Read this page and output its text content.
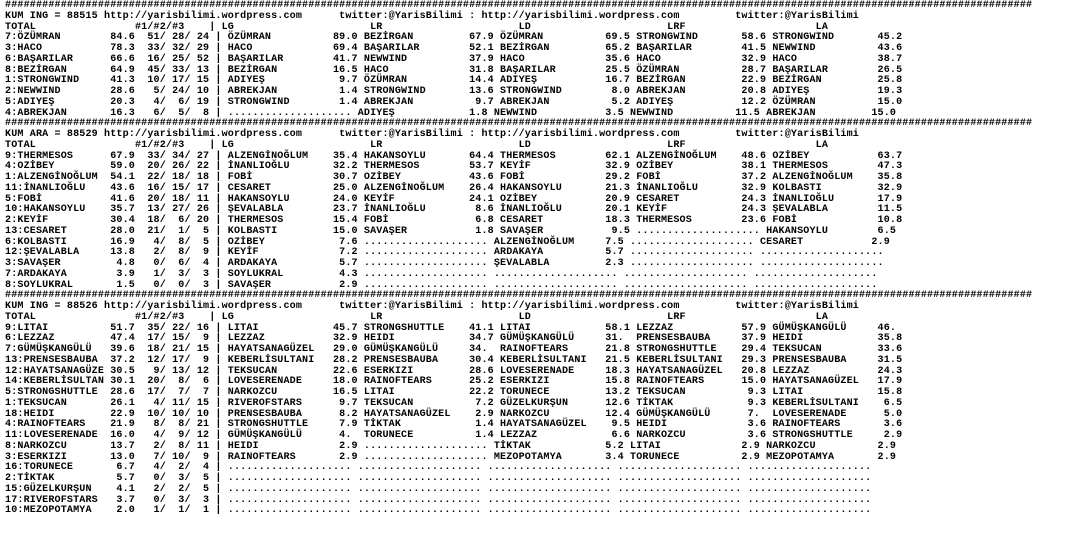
######################################################################################################################################################################
KUM ING = 88515 http://yarisbilimi.wordpress.com      twitter:@YarisBilimi : http://yarisbilimi.wordpress.com         twitter:@YarisBilimi
TOTAL                #1/#2/#3    | LG                      LR                      LD                      LRF                     LA
7:ÖZÜMRAN        84.6  51/ 28/ 24 | ÖZÜMRAN          89.0 BEZİRGAN         67.9 ÖZÜMRAN          69.5 STRONGWIND       58.6 STRONGWIND       45.2
3:HACO           78.3  33/ 32/ 29 | HACO             69.4 BAŞARILAR        52.1 BEZİRGAN         65.2 BAŞARILAR        41.5 NEWWIND          43.6
6:BAŞARILAR      66.6  16/ 25/ 52 | BAŞARILAR        41.7 NEWWIND          37.9 HACO             35.6 HACO             32.9 HACO             38.7
8:BEZİRGAN       64.9  45/ 33/ 13 | BEZİRGAN         16.5 HACO             31.8 BAŞARILAR        25.5 ÖZÜMRAN          28.7 BAŞARILAR        26.5
1:STRONGWIND     41.3  10/ 17/ 15 | ADIYEŞ            9.7 ÖZÜMRAN          14.4 ADIYEŞ           16.7 BEZİRGAN         22.9 BEZİRGAN         25.8
2:NEWWIND        28.6   5/ 24/ 10 | ABREKJAN          1.4 STRONGWIND       13.6 STRONGWIND        8.0 ABREKJAN         20.8 ADIYEŞ           19.3
5:ADIYEŞ         20.3   4/  6/ 19 | STRONGWIND        1.4 ABREKJAN          9.7 ABREKJAN          5.2 ADIYEŞ           12.2 ÖZÜMRAN          15.0
4:ABREKJAN       16.3   6/  5/  8 | .................... ADIYEŞ            1.8 NEWWIND           3.5 NEWWIND          11.5 ABREKJAN         15.0
######################################################################################################################################################################
KUM ARA = 88529 http://yarisbilimi.wordpress.com      twitter:@YarisBilimi : http://yarisbilimi.wordpress.com         twitter:@YarisBilimi
TOTAL                #1/#2/#3    | LG                      LR                      LD                      LRF                     LA
9:THERMESOS      67.9  33/ 34/ 27 | ALZENGİNOĞLUM    35.4 HAKANSOYLU       64.4 THERMESOS        62.1 ALZENGİNOĞLUM    48.6 OZİBEY           63.7
4:OZİBEY         59.0  20/ 26/ 22 | İNANLIOĞLU       32.2 THERMESOS        53.7 KEYİF            32.9 OZİBEY           38.1 THERMESOS        47.3
1:ALZENGİNOĞLUM  54.1  22/ 18/ 18 | FOBİ             30.7 OZİBEY           43.6 FOBİ             29.2 FOBİ             37.2 ALZENGİNOĞLUM    35.8
11:İNANLIOĞLU    43.6  16/ 15/ 17 | CESARET          25.0 ALZENGİNOĞLUM    26.4 HAKANSOYLU       21.3 İNANLIOĞLU       32.9 KOLBASTI         32.9
5:FOBİ           41.6  20/ 18/ 11 | HAKANSOYLU       24.0 KEYİF            24.1 OZİBEY           20.9 CESARET          24.3 İNANLIOĞLU       17.9
10:HAKANSOYLU    35.7  13/ 27/ 26 | ŞEVALABLA        23.7 İNANLIOĞLU        8.6 İNANLIOĞLU       20.1 KEYİF            24.3 ŞEVALABLA        11.5
2:KEYİF          30.4  18/  6/ 20 | THERMESOS        15.4 FOBİ              6.8 CESARET          18.3 THERMESOS        23.6 FOBİ             10.8
13:CESARET       28.0  21/  1/  5 | KOLBASTI         15.0 SAVAŞER           1.8 SAVAŞER           9.5 .................... HAKANSOYLU        6.5
6:KOLBASTI       16.9   4/  8/  5 | OZİBEY            7.6 .................... ALZENGİNOĞLUM     7.5 .................... CESARET           2.9
12:ŞEVALABLA     13.8   2/  8/  9 | KEYİF             7.2 .................... ARDAKAYA          5.7 .................... ....................
3:SAVAŞER         4.8   0/  6/  4 | ARDAKAYA          5.7 .................... ŞEVALABLA         2.3 .................... ....................
7:ARDAKAYA        3.9   1/  3/  3 | SOYLUKRAL         4.3 .................... .................... .................... ....................
8:SOYLUKRAL       1.5   0/  0/  3 | SAVAŞER           2.9 .................... .................... .................... ....................
######################################################################################################################################################################
KUM ING = 88526 http://yarisbilimi.wordpress.com      twitter:@YarisBilimi : http://yarisbilimi.wordpress.com         twitter:@YarisBilimi
TOTAL                #1/#2/#3    | LG                      LR                      LD                      LRF                     LA
9:LITAI          51.7  35/ 22/ 16 | LITAI            45.7 STRONGSHUTTLE    41.1 LITAI            58.1 LEZZAZ           57.9 GÜMÜŞKANGÜLÜ     46.
6:LEZZAZ         47.4  17/ 15/  9 | LEZZAZ           32.9 HEIDI            34.7 GÜMÜŞKANGÜLÜ     31.  PRENSESBAUBA     37.9 HEIDI            35.8
7:GÜMÜŞKANGÜLÜ   39.6  18/ 21/ 15 | HAYATSANAGÜZEL   29.0 GÜMÜŞKANGÜLÜ     34.  RAINOFTEARS      21.8 STRONGSHUTTLE    29.4 TEKSUCAN         33.6
13:PRENSESBAUBA  37.2  12/ 17/  9 | KEBERLİSULTANI   28.2 PRENSESBAUBA     30.4 KEBERLİSULTANI   21.5 KEBERLİSULTANI   29.3 PRENSESBAUBA     31.5
12:HAYATSANAGÜZE 30.5   9/ 13/ 12 | TEKSUCAN         22.6 ESERKIZI         28.6 LOVESERENADE     18.3 HAYATSANAGÜZEL   20.8 LEZZAZ           24.3
14:KEBERLİSULTAN 30.1  20/  8/  6 | LOVESERENADE     18.0 RAINOFTEARS      25.2 ESERKIZI         15.8 RAINOFTEARS      15.0 HAYATSANAGÜZEL   17.9
5:STRONGSHUTTLE  28.6  17/  7/  7 | NARKOZCU         16.5 LITAI            22.2 TORUNECE         13.2 TEKSUCAN          9.3 LITAI            15.8
1:TEKSUCAN       26.1   4/ 11/ 15 | RIVEROFSTARS      9.7 TEKSUCAN          7.2 GÜZELKURŞUN      12.6 TİKTAK            9.3 KEBERLİSULTANI    6.5
18:HEIDI         22.9  10/ 10/ 10 | PRENSESBAUBA      8.2 HAYATSANAGÜZEL    2.9 NARKOZCU         12.4 GÜMÜŞKANGÜLÜ      7.  LOVESERENADE      5.0
4:RAINOFTEARS    21.9   8/  8/ 21 | STRONGSHUTTLE     7.9 TİKTAK            1.4 HAYATSANAGÜZEL    9.5 HEIDI             3.6 RAINOFTEARS       3.6
11:LOVESERENADE  16.0   4/  9/ 12 | GÜMÜŞKANGÜLÜ      4.  TORUNECE          1.4 LEZZAZ            6.6 NARKOZCU          3.6 STRONGSHUTTLE     2.9
8:NARKOZCU       13.7   2/  8/ 11 | HEIDI             2.9 .................... TİKTAK            5.2 LITAI             2.9 NARKOZCU          2.9
3:ESERKIZI       13.0   7/ 10/  9 | RAINOFTEARS       2.9 .................... MEZOPOTAMYA       3.4 TORUNECE          2.9 MEZOPOTAMYA       2.9
16:TORUNECE       6.7   4/  2/  4 | .................... .................... .................... .................... ....................
2:TİKTAK          5.7   0/  3/  5 | .................... .................... .................... .................... ....................
15:GÜZELKURŞUN    4.1   2/  2/  5 | .................... .................... .................... .................... ....................
17:RIVEROFSTARS   3.7   0/  3/  3 | .................... .................... .................... .................... ....................
10:MEZOPOTAMYA    2.0   1/  1/  1 | .................... .................... .................... .................... ....................
